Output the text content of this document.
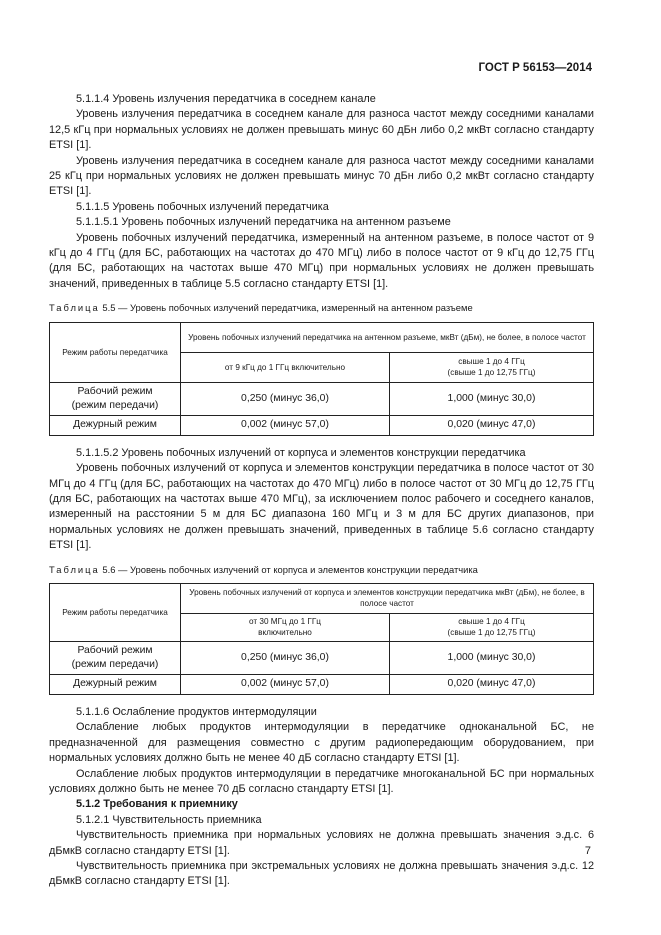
ГОСТ Р 56153—2014

5.1.1.4 Уровень излучения передатчика в соседнем канале

Уровень излучения передатчика в соседнем канале для разноса частот между соседними каналами 12,5 кГц при нормальных условиях не должен превышать минус 60 дБн либо 0,2 мкВт согласно стандарту ETSI [1].

Уровень излучения передатчика в соседнем канале для разноса частот между соседними каналами 25 кГц при нормальных условиях не должен превышать минус 70 дБн либо 0,2 мкВт согласно стандарту ETSI [1].

5.1.1.5 Уровень побочных излучений передатчика

5.1.1.5.1 Уровень побочных излучений передатчика на антенном разъеме

Уровень побочных излучений передатчика, измеренный на антенном разъеме, в полосе частот от 9 кГц до 4 ГГц (для БС, работающих на частотах до 470 МГц) либо в полосе частот от 9 кГц до 12,75 ГГц (для БС, работающих на частотах выше 470 МГц) при нормальных условиях не должен превышать значений, приведенных в таблице 5.5 согласно стандарту ETSI [1].

Таблица 5.5 — Уровень побочных излучений передатчика, измеренный на антенном разъеме

Режим работы передатчика	Уровень побочных излучений передатчика на антенном разъеме, мкВт (дБм), не более, в полосе частот	
	от 9 кГц до 1 ГГц включительно	свыше 1 до 4 ГГц
(свыше 1 до 12,75 ГГц)
Рабочий режим
(режим передачи)	0,250 (минус 36,0)	1,000 (минус 30,0)
Дежурный режим	0,002 (минус 57,0)	0,020 (минус 47,0)

5.1.1.5.2 Уровень побочных излучений от корпуса и элементов конструкции передатчика

Уровень побочных излучений от корпуса и элементов конструкции передатчика в полосе частот от 30 МГц до 4 ГГц (для БС, работающих на частотах до 470 МГц) либо в полосе частот от 30 МГц до 12,75 ГГц (для БС, работающих на частотах выше 470 МГц), за исключением полос рабочего и соседнего каналов, измеренный на расстоянии 5 м для БС диапазона 160 МГц и 3 м для БС других диапазонов, при нормальных условиях не должен превышать значений, приведенных в таблице 5.6 согласно стандарту ETSI [1].

Таблица 5.6 — Уровень побочных излучений от корпуса и элементов конструкции передатчика

Режим работы передатчика	Уровень побочных излучений от корпуса и элементов конструкции передатчика мкВт (дБм), не более, в полосе частот	
	от 30 МГц до 1 ГГц
включительно	свыше 1 до 4 ГГц
(свыше 1 до 12,75 ГГц)
Рабочий режим
(режим передачи)	0,250 (минус 36,0)	1,000 (минус 30,0)
Дежурный режим	0,002 (минус 57,0)	0,020 (минус 47,0)

5.1.1.6 Ослабление продуктов интермодуляции

Ослабление любых продуктов интермодуляции в передатчике одноканальной БС, не предназначенной для размещения совместно с другим радиопередающим оборудованием, при нормальных условиях должно быть не менее 40 дБ согласно стандарту ETSI [1].

Ослабление любых продуктов интермодуляции в передатчике многоканальной БС при нормальных условиях должно быть не менее 70 дБ согласно стандарту ETSI [1].

5.1.2 Требования к приемнику

5.1.2.1 Чувствительность приемника

Чувствительность приемника при нормальных условиях не должна превышать значения э.д.с. 6 дБмкВ согласно стандарту ETSI [1].

Чувствительность приемника при экстремальных условиях не должна превышать значения э.д.с. 12 дБмкВ согласно стандарту ETSI [1].

7
